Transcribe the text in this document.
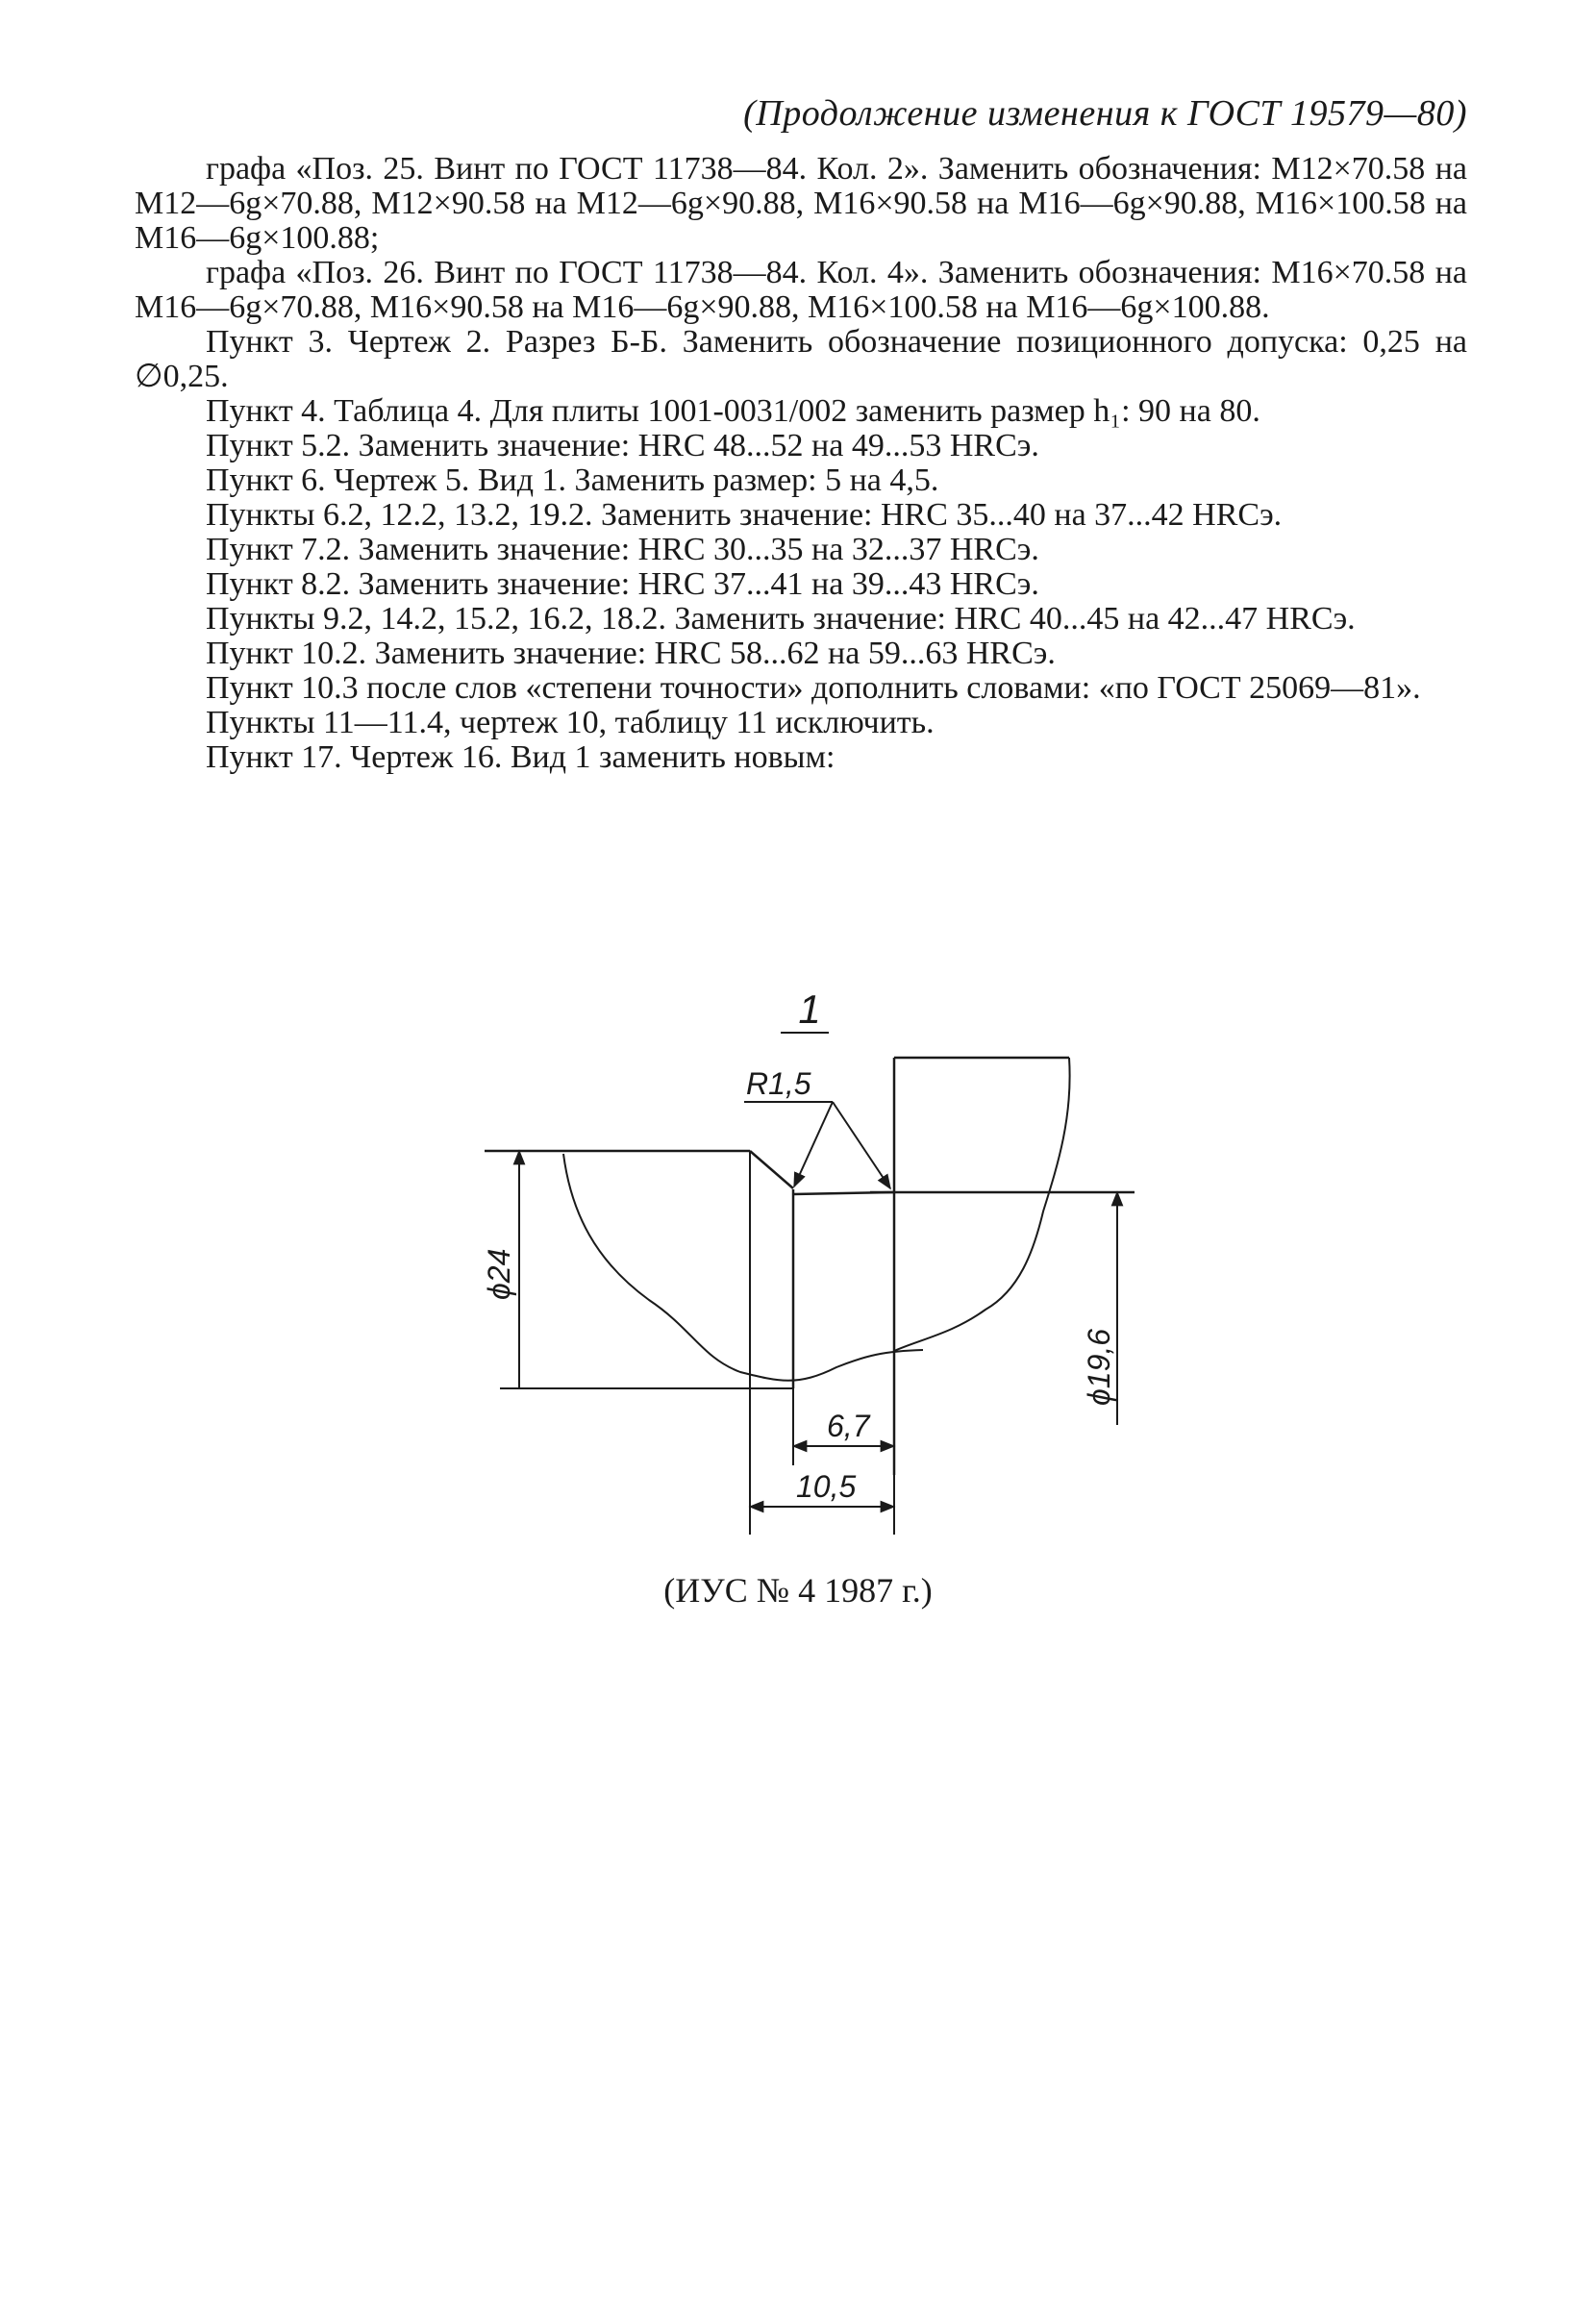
(Продолжение изменения к ГОСТ 19579—80)

графа «Поз. 25. Винт по ГОСТ 11738—84. Кол. 2». Заменить обозначения: М12×70.58 на М12—6g×70.88, М12×90.58 на М12—6g×90.88, М16×90.58 на М16—6g×90.88, М16×100.58 на М16—6g×100.88;

графа «Поз. 26. Винт по ГОСТ 11738—84. Кол. 4». Заменить обозначения: М16×70.58 на М16—6g×70.88, М16×90.58 на М16—6g×90.88, М16×100.58 на М16—6g×100.88.

Пункт 3. Чертеж 2. Разрез Б-Б. Заменить обозначение позиционного допуска: 0,25 на ∅0,25.

Пункт 4. Таблица 4. Для плиты 1001-0031/002 заменить размер h₁: 90 на 80.

Пункт 5.2. Заменить значение: HRC 48...52 на 49...53 HRCэ.

Пункт 6. Чертеж 5. Вид 1. Заменить размер: 5 на 4,5.

Пункты 6.2, 12.2, 13.2, 19.2. Заменить значение: HRC 35...40 на 37...42 HRCэ.

Пункт 7.2. Заменить значение: HRC 30...35 на 32...37 HRCэ.

Пункт 8.2. Заменить значение: HRC 37...41 на 39...43 HRCэ.

Пункты 9.2, 14.2, 15.2, 16.2, 18.2. Заменить значение: HRC 40...45 на 42...47 HRCэ.

Пункт 10.2. Заменить значение: HRC 58...62 на 59...63 HRCэ.

Пункт 10.3 после слов «степени точности» дополнить словами: «по ГОСТ 25069—81».

Пункты 11—11.4, чертеж 10, таблицу 11 исключить.

Пункт 17. Чертеж 16. Вид 1 заменить новым:

1
R1,5
ϕ24
ϕ19,6
6,7
10,5
(ИУС № 4 1987 г.)
